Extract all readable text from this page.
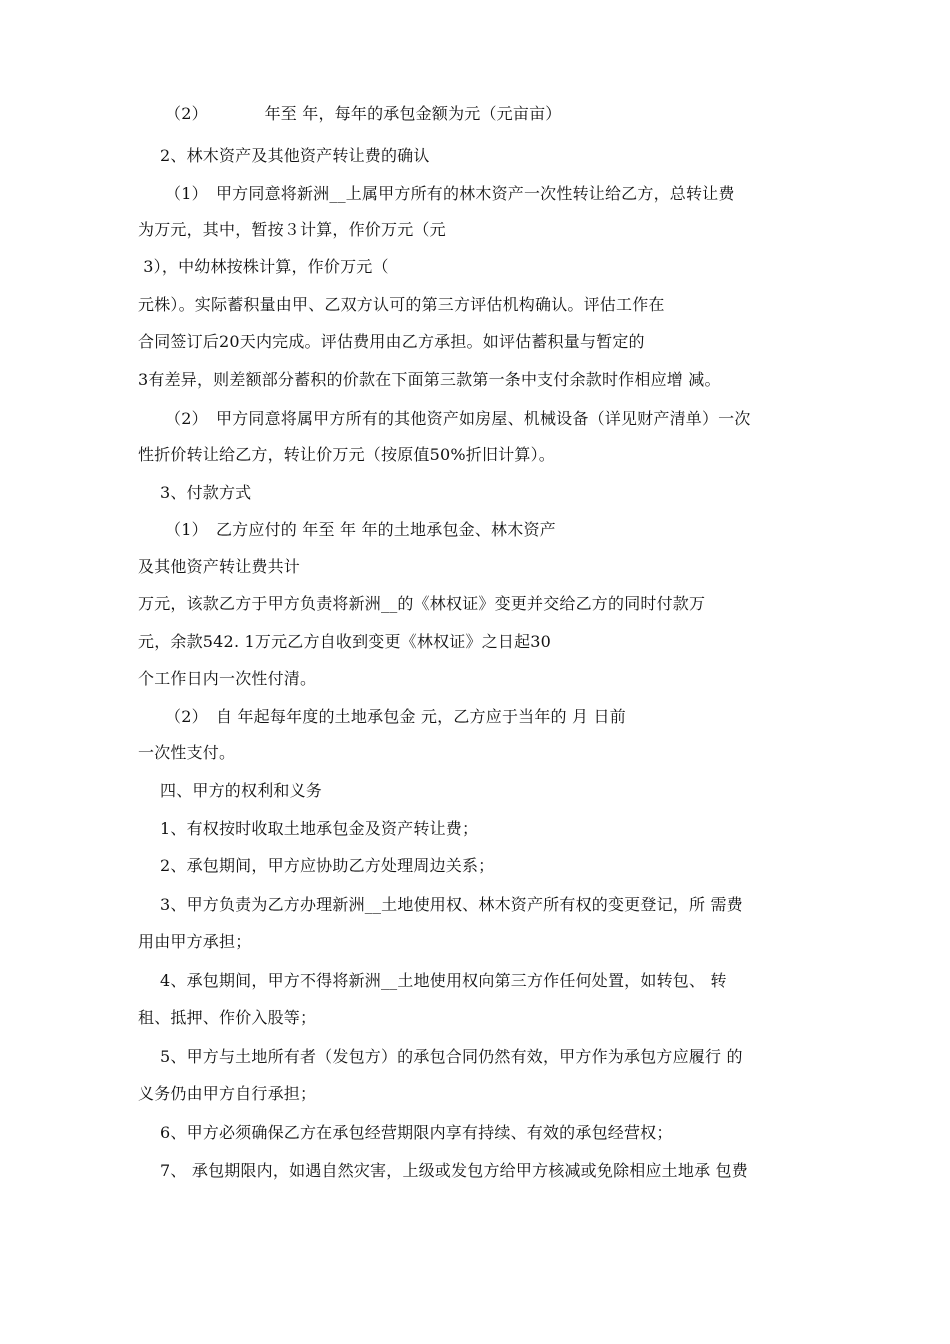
（2）　　　　年至 年，每年的承包金额为元（元亩亩）
2、林木资产及其他资产转让费的确认
（1）　甲方同意将新洲__上属甲方所有的林木资产一次性转让给乙方，总转让费
为万元，其中，暂按３计算，作价万元（元
3），中幼林按株计算，作价万元（
元株）。实际蓄积量由甲、乙双方认可的第三方评估机构确认。评估工作在
合同签订后20天内完成。评估费用由乙方承担。如评估蓄积量与暂定的
3有差异，则差额部分蓄积的价款在下面第三款第一条中支付余款时作相应增 减。
（2）　甲方同意将属甲方所有的其他资产如房屋、机械设备（详见财产清单）一次
性折价转让给乙方，转让价万元（按原值50%折旧计算）。
3、付款方式
（1）　乙方应付的 年至 年 年的土地承包金、林木资产
及其他资产转让费共计
万元，该款乙方于甲方负责将新洲__的《林权证》变更并交给乙方的同时付款万
元，余款542. 1万元乙方自收到变更《林权证》之日起30
个工作日内一次性付清。
（2）　自 年起每年度的土地承包金 元，乙方应于当年的 月 日前
一次性支付。
四、甲方的权利和义务
1、有权按时收取土地承包金及资产转让费；
2、承包期间，甲方应协助乙方处理周边关系；
3、甲方负责为乙方办理新洲__土地使用权、林木资产所有权的变更登记，所 需费
用由甲方承担；
4、承包期间，甲方不得将新洲__土地使用权向第三方作任何处置，如转包、 转
租、抵押、作价入股等；
5、甲方与土地所有者（发包方）的承包合同仍然有效，甲方作为承包方应履行 的
义务仍由甲方自行承担；
6、甲方必须确保乙方在承包经营期限内享有持续、有效的承包经营权；
7、 承包期限内，如遇自然灾害，上级或发包方给甲方核减或免除相应土地承 包费
